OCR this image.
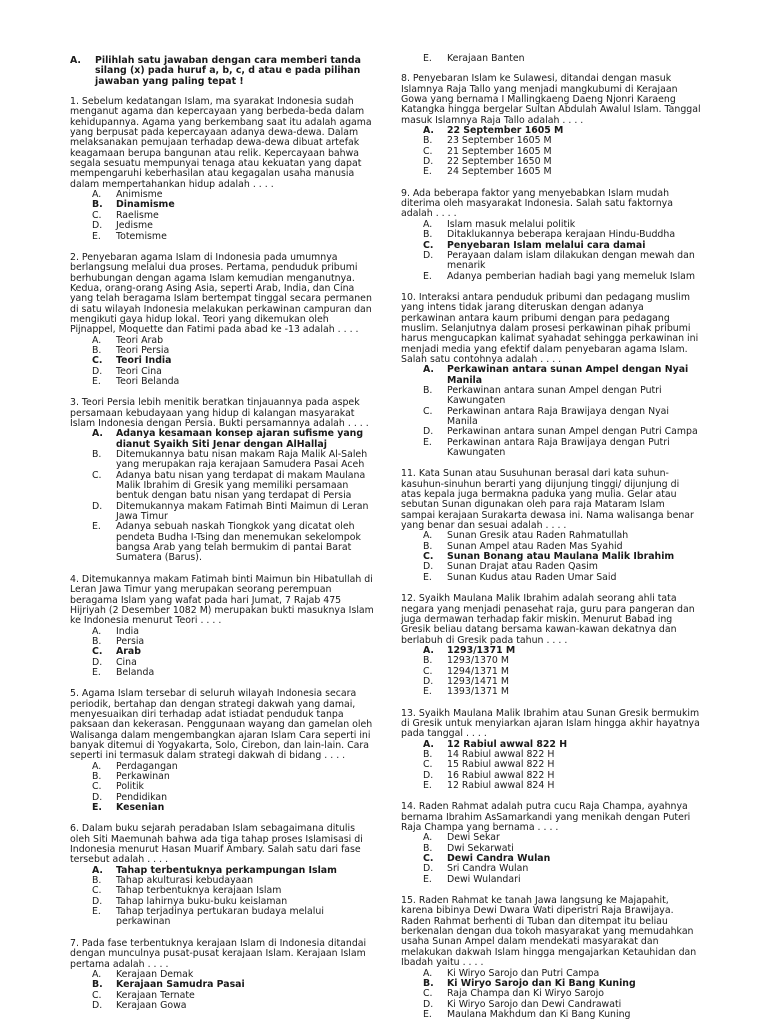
A.	Pilihlah satu jawaban dengan cara memberi tanda silang (x) pada huruf a, b, c, d atau e pada pilihan jawaban yang paling tepat !

1. Sebelum kedatangan Islam, ma syarakat Indonesia sudah menganut agama dan kepercayaan yang berbeda-beda dalam kehidupannya. Agama yang berkembang saat itu adalah agama yang berpusat pada kepercayaan adanya dewa-dewa. Dalam melaksanakan pemujaan terhadap dewa-dewa dibuat artefak keagamaan berupa bangunan atau relik. Kepercayaan bahwa segala sesuatu mempunyai tenaga atau kekuatan yang dapat mempengaruhi keberhasilan atau kegagalan usaha manusia dalam mempertahankan hidup adalah . . . .

A.	Animisme
B.	Dinamisme
C.	Raelisme
D.	Jedisme
E.	Totemisme

2. Penyebaran agama Islam di Indonesia pada umumnya berlangsung melalui dua proses. Pertama, penduduk pribumi berhubungan dengan agama Islam kemudian menganutnya. Kedua, orang-orang Asing Asia, seperti Arab, India, dan Cina yang telah beragama Islam bertempat tinggal secara permanen di satu wilayah Indonesia melakukan perkawinan campuran dan mengikuti gaya hidup lokal. Teori yang dikemukan oleh Pijnappel, Moquette dan Fatimi pada abad ke -13 adalah . . . .

A.	Teori Arab
B.	Teori Persia
C.	Teori India
D.	Teori Cina
E.	Teori Belanda

3. Teori Persia lebih menitik beratkan tinjauannya pada aspek persamaan kebudayaan yang hidup di kalangan masyarakat Islam Indonesia dengan Persia. Bukti persamannya adalah . . . .

A.	Adanya kesamaan konsep ajaran sufisme yang dianut Syaikh Siti Jenar dengan AlHallaj
B.	Ditemukannya batu nisan makam Raja Malik Al-Saleh yang merupakan raja kerajaan Samudera Pasai Aceh
C.	Adanya batu nisan yang terdapat di makam Maulana Malik Ibrahim di Gresik yang memiliki persamaan bentuk dengan batu nisan yang terdapat di Persia
D.	Ditemukannya makam Fatimah Binti Maimun di Leran Jawa Timur
E.	Adanya sebuah naskah Tiongkok yang dicatat oleh pendeta Budha I-Tsing dan menemukan sekelompok bangsa Arab yang telah bermukim di pantai Barat Sumatera (Barus).

4. Ditemukannya makam Fatimah binti Maimun bin Hibatullah di Leran Jawa Timur yang merupakan seorang perempuan beragama Islam yang wafat pada hari Jumat, 7 Rajab 475 Hijriyah (2 Desember 1082 M) merupakan bukti masuknya Islam ke Indonesia menurut Teori . . . .

A.	India
B.	Persia
C.	Arab
D.	Cina
E.	Belanda

5. Agama Islam tersebar di seluruh wilayah Indonesia secara periodik, bertahap dan dengan strategi dakwah yang damai, menyesuaikan diri terhadap adat istiadat penduduk tanpa paksaan dan kekerasan. Penggunaan wayang dan gamelan oleh Walisanga dalam mengembangkan ajaran Islam Cara seperti ini banyak ditemui di Yogyakarta, Solo, Cirebon, dan lain-lain. Cara seperti ini termasuk dalam strategi dakwah di bidang . . . .

A.	Perdagangan
B.	Perkawinan
C.	Politik
D.	Pendidikan
E.	Kesenian

6. Dalam buku sejarah peradaban Islam sebagaimana ditulis oleh Siti Maemunah bahwa ada tiga tahap proses Islamisasi di Indonesia menurut Hasan Muarif Ambary. Salah satu dari fase tersebut adalah . . . .

A.	Tahap terbentuknya perkampungan Islam
B.	Tahap akulturasi kebudayaan
C.	Tahap terbentuknya kerajaan Islam
D.	Tahap lahirnya buku-buku keislaman
E.	Tahap terjadinya pertukaran budaya melalui perkawinan

7. Pada fase terbentuknya kerajaan Islam di Indonesia ditandai dengan munculnya pusat-pusat kerajaan Islam. Kerajaan Islam pertama adalah . . . .

A.	Kerajaan Demak
B.	Kerajaan Samudra Pasai
C.	Kerajaan Ternate
D.	Kerajaan Gowa
E.	Kerajaan Banten

8. Penyebaran Islam ke Sulawesi, ditandai dengan masuk Islamnya Raja Tallo yang menjadi mangkubumi di Kerajaan Gowa yang bernama I Mallingkaeng Daeng Njonri Karaeng Katangka hingga bergelar Sultan Abdulah Awalul Islam. Tanggal masuk Islamnya Raja Tallo adalah . . . .

A.	22 September 1605 M
B.	23 September 1605 M
C.	21 September 1605 M
D.	22 September 1650 M
E.	24 September 1605 M

9. Ada beberapa faktor yang menyebabkan Islam mudah diterima oleh masyarakat Indonesia. Salah satu faktornya adalah . . . .

A.	Islam masuk melalui politik
B.	Ditaklukannya beberapa kerajaan Hindu-Buddha
C.	Penyebaran Islam melalui cara damai
D.	Perayaan dalam islam dilakukan dengan mewah dan menarik
E.	Adanya pemberian hadiah bagi yang memeluk Islam

10. Interaksi antara penduduk pribumi dan pedagang muslim yang intens tidak jarang diteruskan dengan adanya perkawinan antara kaum pribumi dengan para pedagang muslim. Selanjutnya dalam prosesi perkawinan pihak pribumi harus mengucapkan kalimat syahadat sehingga perkawinan ini menjadi media yang efektif dalam penyebaran agama Islam. Salah satu contohnya adalah . . . .

A.	Perkawinan antara sunan Ampel dengan Nyai Manila
B.	Perkawinan antara sunan Ampel dengan Putri Kawungaten
C.	Perkawinan antara Raja Brawijaya dengan Nyai Manila
D.	Perkawinan antara sunan Ampel dengan Putri Campa
E.	Perkawinan antara Raja Brawijaya dengan Putri Kawungaten

11. Kata Sunan atau Susuhunan berasal dari kata suhun-kasuhun-sinuhun berarti yang dijunjung tinggi/ dijunjung di atas kepala juga bermakna paduka yang mulia. Gelar atau sebutan Sunan digunakan oleh para raja Mataram Islam sampai kerajaan Surakarta dewasa ini. Nama walisanga benar yang benar dan sesuai adalah . . . .

A.	Sunan Gresik atau Raden Rahmatullah
B.	Sunan Ampel atau Raden Mas Syahid
C.	Sunan Bonang atau Maulana Malik Ibrahim
D.	Sunan Drajat atau Raden Qasim
E.	Sunan Kudus atau Raden Umar Said

12. Syaikh Maulana Malik Ibrahim adalah seorang ahli tata negara yang menjadi penasehat raja, guru para pangeran dan juga dermawan terhadap fakir miskin. Menurut Babad ing Gresik beliau datang bersama kawan-kawan dekatnya dan berlabuh di Gresik pada tahun . . . .

A.	1293/1371 M
B.	1293/1370 M
C.	1294/1371 M
D.	1293/1471 M
E.	1393/1371 M

13. Syaikh Maulana Malik Ibrahim atau Sunan Gresik bermukim di Gresik untuk menyiarkan ajaran Islam hingga akhir hayatnya pada tanggal . . . .

A.	12 Rabiul awwal 822 H
B.	14 Rabiul awwal 822 H
C.	15 Rabiul awwal 822 H
D.	16 Rabiul awwal 822 H
E.	12 Rabiul awwal 824 H

14. Raden Rahmat adalah putra cucu Raja Champa, ayahnya bernama Ibrahim AsSamarkandi yang menikah dengan Puteri Raja Champa yang bernama . . . .

A.	Dewi Sekar
B.	Dwi Sekarwati
C.	Dewi Candra Wulan
D.	Sri Candra Wulan
E.	Dewi Wulandari

15. Raden Rahmat ke tanah Jawa langsung ke Majapahit, karena bibinya Dewi Dwara Wati diperistri Raja Brawijaya. Raden Rahmat berhenti di Tuban dan ditempat itu beliau berkenalan dengan dua tokoh masyarakat yang memudahkan usaha Sunan Ampel dalam mendekati masyarakat dan melakukan dakwah Islam hingga mengajarkan Ketauhidan dan Ibadah yaitu . . . .

A.	Ki Wiryo Sarojo dan Putri Campa
B.	Ki Wiryo Sarojo dan Ki Bang Kuning
C.	Raja Champa dan Ki Wiryo Sarojo
D.	Ki Wiryo Sarojo dan Dewi Candrawati
E.	Maulana Makhdum dan Ki Bang Kuning
